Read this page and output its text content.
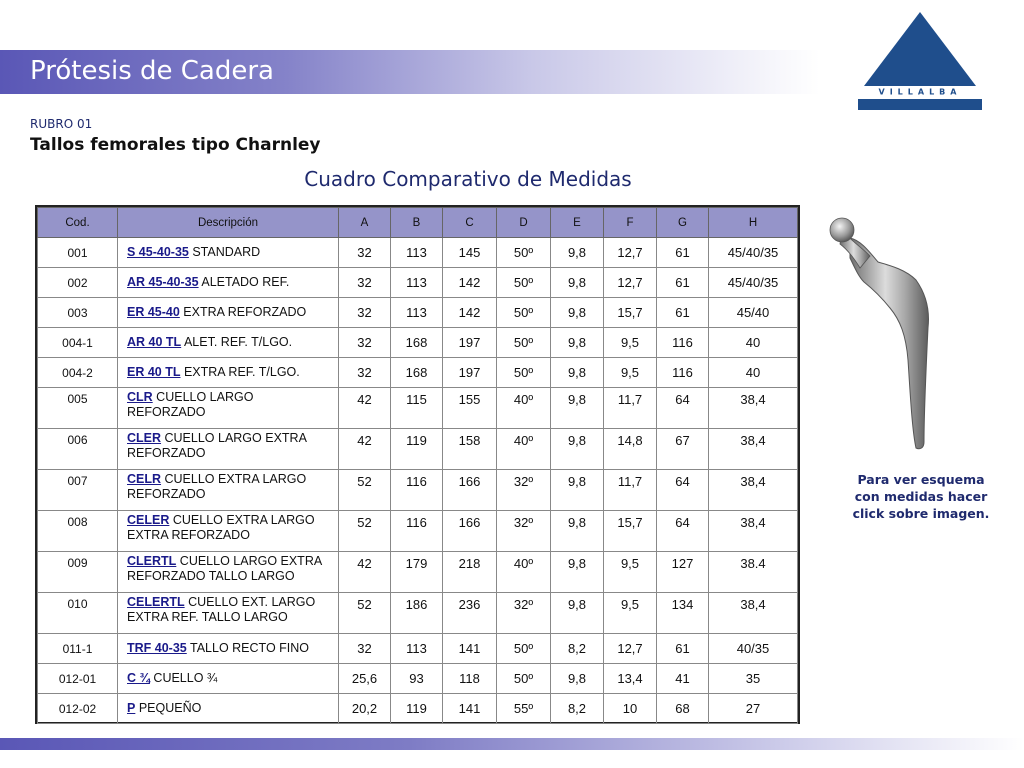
Prótesis de Cadera
VILLALBA
RUBRO 01
Tallos femorales tipo Charnley
Cuadro Comparativo de Medidas
Cod.	Descripción	A	B	C	D	E	F	G	H
001	S 45-40-35 STANDARD	32	113	145	50º	9,8	12,7	61	45/40/35
002	AR 45-40-35 ALETADO REF.	32	113	142	50º	9,8	12,7	61	45/40/35
003	ER 45-40 EXTRA REFORZADO	32	113	142	50º	9,8	15,7	61	45/40
004-1	AR 40 TL ALET. REF. T/LGO.	32	168	197	50º	9,8	9,5	116	40
004-2	ER 40 TL EXTRA REF. T/LGO.	32	168	197	50º	9,8	9,5	116	40
005	CLR CUELLO LARGO REFORZADO	42	115	155	40º	9,8	11,7	64	38,4
006	CLER CUELLO LARGO EXTRA REFORZADO	42	119	158	40º	9,8	14,8	67	38,4
007	CELR CUELLO EXTRA LARGO REFORZADO	52	116	166	32º	9,8	11,7	64	38,4
008	CELER CUELLO EXTRA LARGO EXTRA REFORZADO	52	116	166	32º	9,8	15,7	64	38,4
009	CLERTL CUELLO LARGO EXTRA REFORZADO TALLO LARGO	42	179	218	40º	9,8	9,5	127	38.4
010	CELERTL CUELLO EXT. LARGO EXTRA REF. TALLO LARGO	52	186	236	32º	9,8	9,5	134	38,4
011-1	TRF 40-35 TALLO RECTO FINO	32	113	141	50º	8,2	12,7	61	40/35
012-01	C ¾ CUELLO ¾	25,6	93	118	50º	9,8	13,4	41	35
012-02	P PEQUEÑO	20,2	119	141	55º	8,2	10	68	27
Para ver esquema con medidas hacer click sobre imagen.
